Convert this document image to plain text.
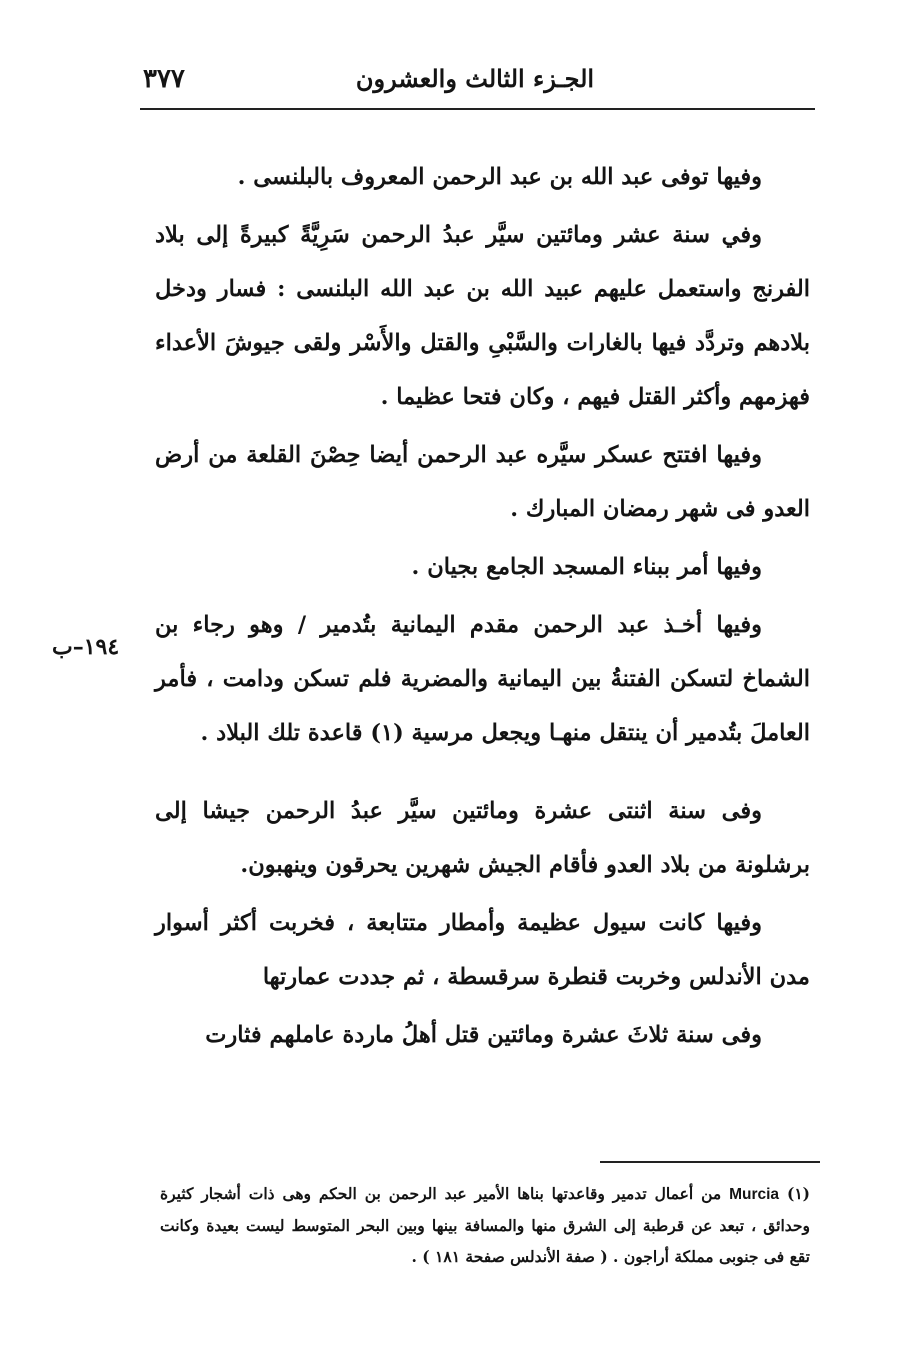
٣٧٧	الجـزء الثالث والعشرون
١٩٤–ب

وفيها توفى عبد الله بن عبد الرحمن المعروف بالبلنسى .

وفي سنة عشر ومائتين سيَّر عبدُ الرحمن سَرِيَّةً كبيرةً إلى بلاد الفرنج واستعمل عليهم عبيد الله بن عبد الله البلنسى : فسار ودخل بلادهم وتردَّد فيها بالغارات والسَّبْىِ والقتل والأَسْر ولقى جيوشَ الأعداء فهزمهم وأكثر القتل فيهم ، وكان فتحا عظيما .

وفيها افتتح عسكر سيَّره عبد الرحمن أيضا حِصْنَ القلعة من أرض العدو فى شهر رمضان المبارك .

وفيها أمر ببناء المسجد الجامع بجيان .

وفيها أخـذ عبد الرحمن مقدم اليمانية بتُدمير / وهو رجاء بن الشماخ لتسكن الفتنةُ بين اليمانية والمضرية فلم تسكن ودامت ، فأمر العاملَ بتُدمير أن ينتقل منهـا ويجعل مرسية (١) قاعدة تلك البلاد .

وفى سنة اثنتى عشرة ومائتين سيَّر عبدُ الرحمن جيشا إلى برشلونة من بلاد العدو فأقام الجيش شهرين يحرقون وينهبون.

وفيها كانت سيول عظيمة وأمطار متتابعة ، فخربت أكثر أسوار مدن الأندلس وخربت قنطرة سرقسطة ، ثم جددت عمارتها

وفى سنة ثلاثَ عشرة ومائتين قتل أهلُ ماردة عاملهم فثارت

(١) Murcia من أعمال تدمير وقاعدتها بناها الأمير عبد الرحمن بن الحكم وهى ذات أشجار كثيرة وحدائق ، تبعد عن قرطبة إلى الشرق منها والمسافة بينها وبين البحر المتوسط ليست بعيدة وكانت تقع فى جنوبى مملكة أراجون . ( صفة الأندلس صفحة ١٨١ ) .
